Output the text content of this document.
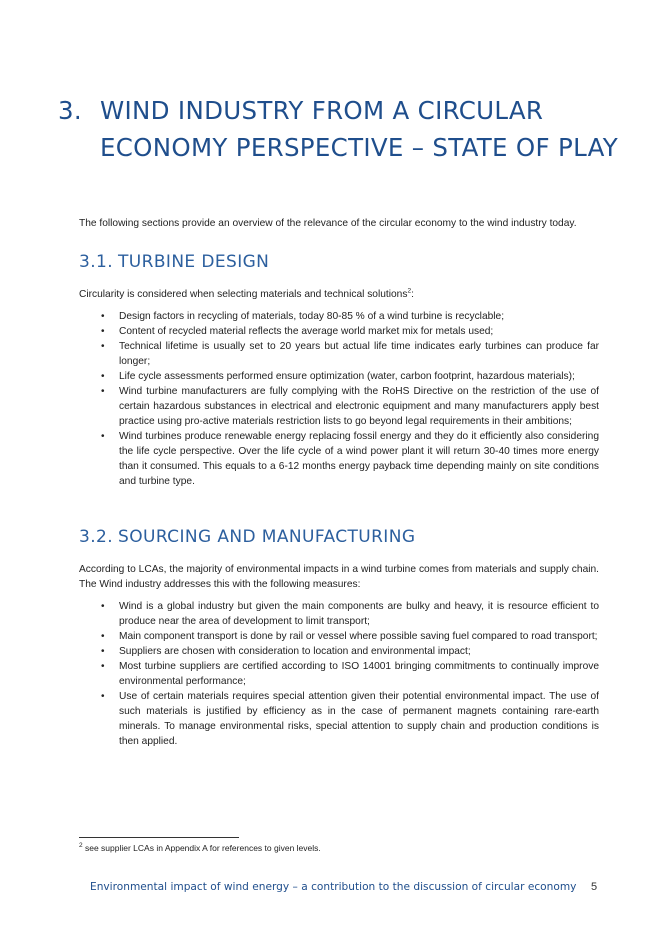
3. WIND INDUSTRY FROM A CIRCULAR ECONOMY PERSPECTIVE – STATE OF PLAY

The following sections provide an overview of the relevance of the circular economy to the wind industry today.

3.1. TURBINE DESIGN

Circularity is considered when selecting materials and technical solutions$^2$:

• Design factors in recycling of materials, today 80-85 % of a wind turbine is recyclable;
• Content of recycled material reflects the average world market mix for metals used;
• Technical lifetime is usually set to 20 years but actual life time indicates early turbines can produce far longer;
• Life cycle assessments performed ensure optimization (water, carbon footprint, hazardous materials);
• Wind turbine manufacturers are fully complying with the RoHS Directive on the restriction of the use of certain hazardous substances in electrical and electronic equipment and many manufacturers apply best practice using pro-active materials restriction lists to go beyond legal requirements in their ambitions;
• Wind turbines produce renewable energy replacing fossil energy and they do it efficiently also considering the life cycle perspective. Over the life cycle of a wind power plant it will return 30-40 times more energy than it consumed. This equals to a 6-12 months energy payback time depending mainly on site conditions and turbine type.
3.2. SOURCING AND MANUFACTURING

According to LCAs, the majority of environmental impacts in a wind turbine comes from materials and supply chain. The Wind industry addresses this with the following measures:

• Wind is a global industry but given the main components are bulky and heavy, it is resource efficient to produce near the area of development to limit transport;
• Main component transport is done by rail or vessel where possible saving fuel compared to road transport;
• Suppliers are chosen with consideration to location and environmental impact;
• Most turbine suppliers are certified according to ISO 14001 bringing commitments to continually improve environmental performance;
• Use of certain materials requires special attention given their potential environmental impact. The use of such materials is justified by efficiency as in the case of permanent magnets containing rare-earth minerals. To manage environmental risks, special attention to supply chain and production conditions is then applied.

$^2$ see supplier LCAs in Appendix A for references to given levels.

Environmental impact of wind energy – a contribution to the discussion of circular economy	5
